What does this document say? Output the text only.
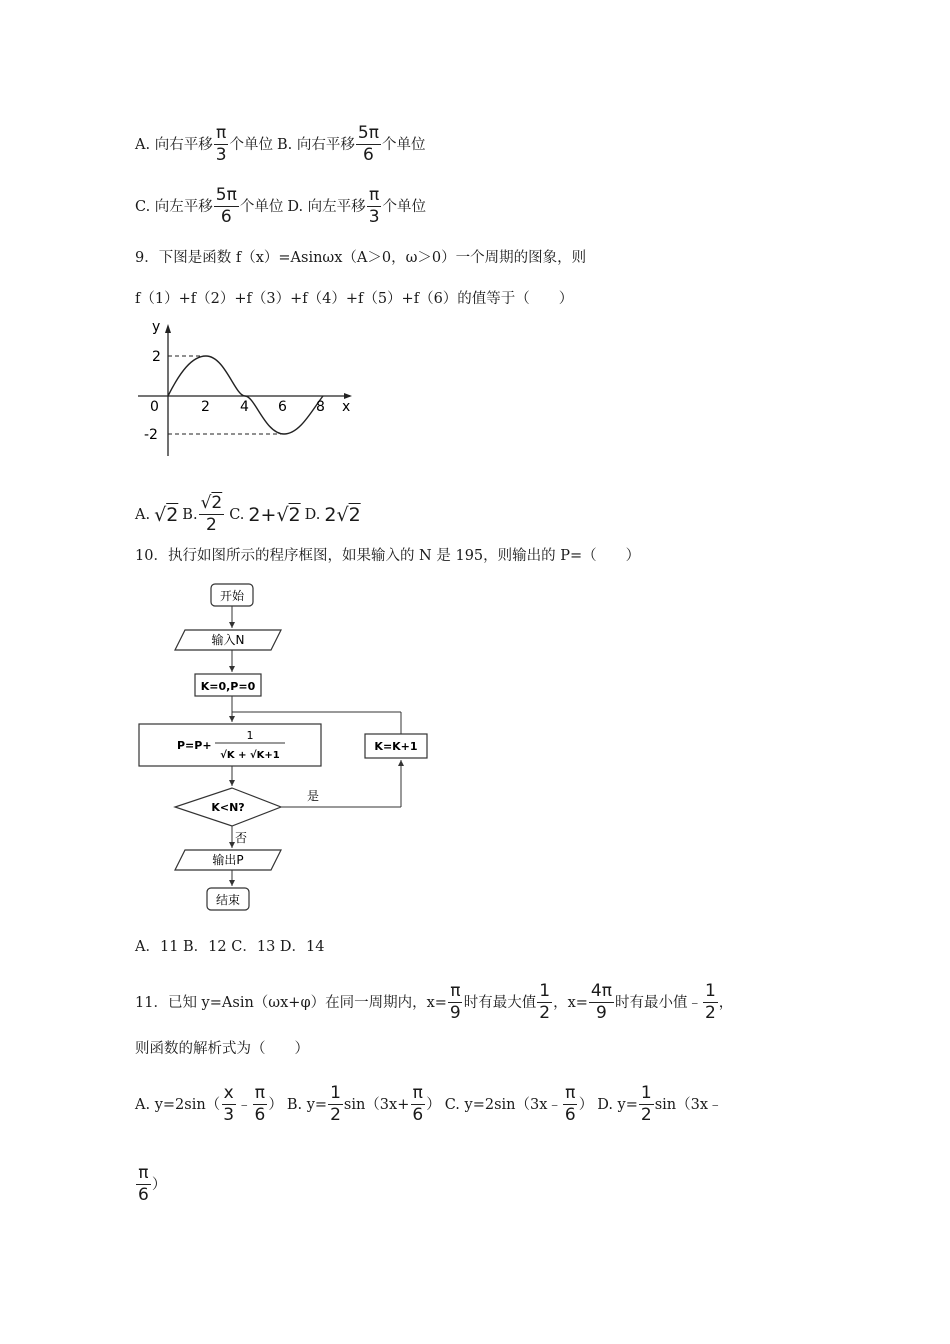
A. 向右平移 $\frac{\pi}{3}$ 个单位 B. 向右平移 $\frac{5\pi}{6}$ 个单位
C. 向左平移 $\frac{5\pi}{6}$ 个单位 D. 向左平移 $\frac{\pi}{3}$ 个单位
9．下图是函数 f（x）=Asinωx（A＞0，ω＞0）一个周期的图象，则
f（1）+f（2）+f（3）+f（4）+f（5）+f（6）的值等于（　　）
y
x
0	2 4 6 8
2
-2
A. √ 2 B. $\frac{√2}{2} C$. 2+ √ 2 D. 2 √ 2
10．执行如图所示的程序框图，如果输入的 N 是 195，则输出的 P=（　　）
开始
输入N
K=0,P=0
P=P+
1
√K + √K+1
K=K+1
K<N?
是
否
输出P
结束
A．11 B．12 C．13 D．14
11．已知 y=Asin（ωx+φ）在同一周期内，$x= \frac{\pi}{9}$ 时有最大值 $\frac{1}{2}$ ，$x= \frac{4\pi}{9}$ 时有最小值﹣ $\frac{1}{2}$ ，
则函数的解析式为（　　）
A. $y=2\sin( \frac{x}{3}$ ﹣ $\frac{\pi}{6}$ ） B. $y= \frac{1}{2} \sin(3x+ \frac{\pi}{6}$ ） C. y=2sin（3x﹣ $\frac{\pi}{6}$ ） D. $y= \frac{1}{2}$ sin（3x﹣
$\frac{\pi}{6}$ ）
